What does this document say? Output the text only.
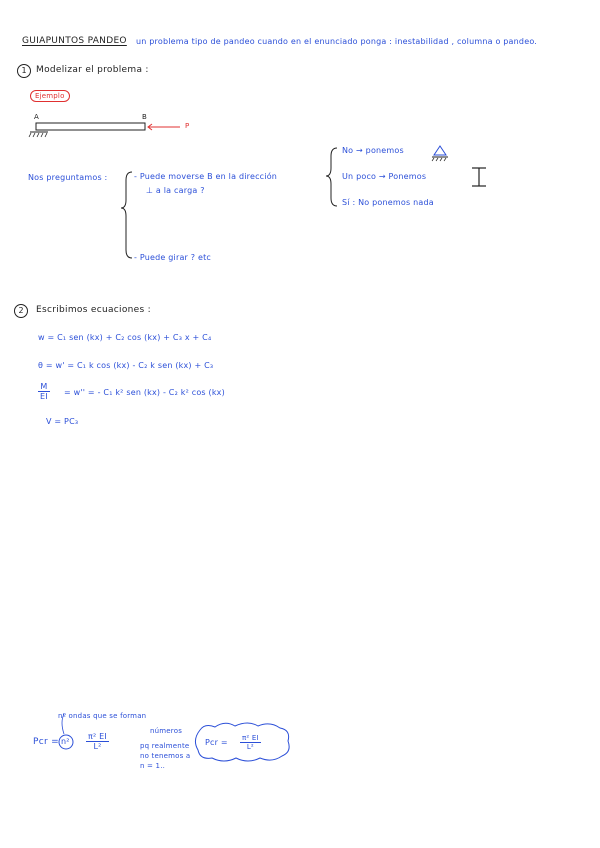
GUIAPUNTOS PANDEO un problema tipo de pandeo cuando en el enunciado ponga : inestabilidad , columna o pandeo.
1	Modelizar el problema :
Ejemplo
A	B
P
Nos preguntamos :	- Puede moverse B en la dirección
⊥ a la carga ?
- Puede girar ? etc
No → ponemos
Un poco → Ponemos
Sí : No ponemos nada
2	Escribimos ecuaciones :
w = C₁ sen (kx) + C₂ cos (kx) + C₃ x + C₄
θ = w' = C₁ k cos (kx) - C₂ k sen (kx) + C₃
$\frac{M}{EI} = w''$ = - C₁ k² sen (kx) - C₂ k² cos (kx)
V = PC₃
nº ondas que se forman
Pcr = $n^2 \frac{\text{π² EI}}{\text{L²}}$
números
pq realmente
no tenemos a
n = 1..
Pcr = $\frac{\text{π² EI}}{\text{L²}}$
